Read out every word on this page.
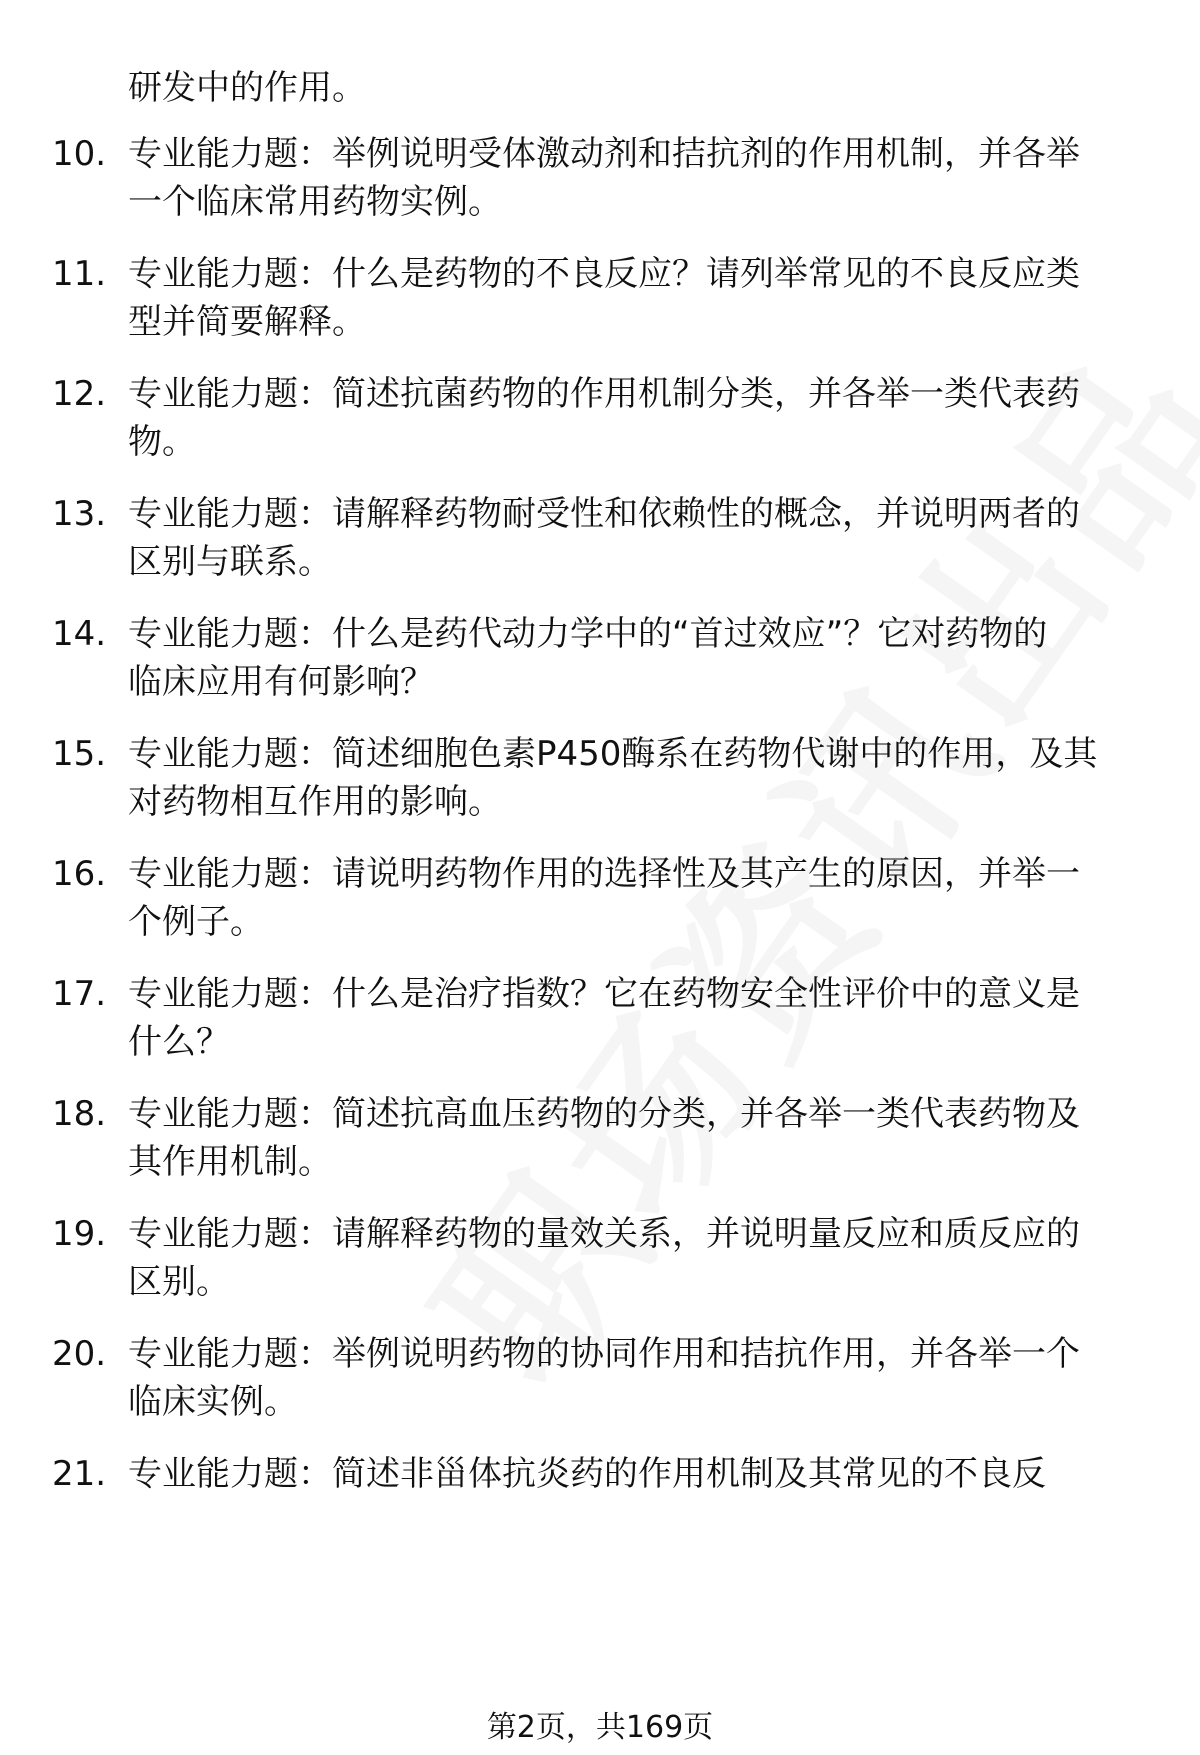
研发中的作用。
10. 专业能力题：举例说明受体激动剂和拮抗剂的作用机制，并各举
一个临床常用药物实例。
11. 专业能力题：什么是药物的不良反应？请列举常见的不良反应类
型并简要解释。
12. 专业能力题：简述抗菌药物的作用机制分类，并各举一类代表药
物。
13. 专业能力题：请解释药物耐受性和依赖性的概念，并说明两者的
区别与联系。
14. 专业能力题：什么是药代动力学中的“首过效应”？它对药物的
临床应用有何影响？
15. 专业能力题：简述细胞色素P450酶系在药物代谢中的作用，及其
对药物相互作用的影响。
16. 专业能力题：请说明药物作用的选择性及其产生的原因，并举一
个例子。
17. 专业能力题：什么是治疗指数？它在药物安全性评价中的意义是
什么？
18. 专业能力题：简述抗高血压药物的分类，并各举一类代表药物及
其作用机制。
19. 专业能力题：请解释药物的量效关系，并说明量反应和质反应的
区别。
20. 专业能力题：举例说明药物的协同作用和拮抗作用，并各举一个
临床实例。
21. 专业能力题：简述非甾体抗炎药的作用机制及其常见的不良反
第2页，共169页
